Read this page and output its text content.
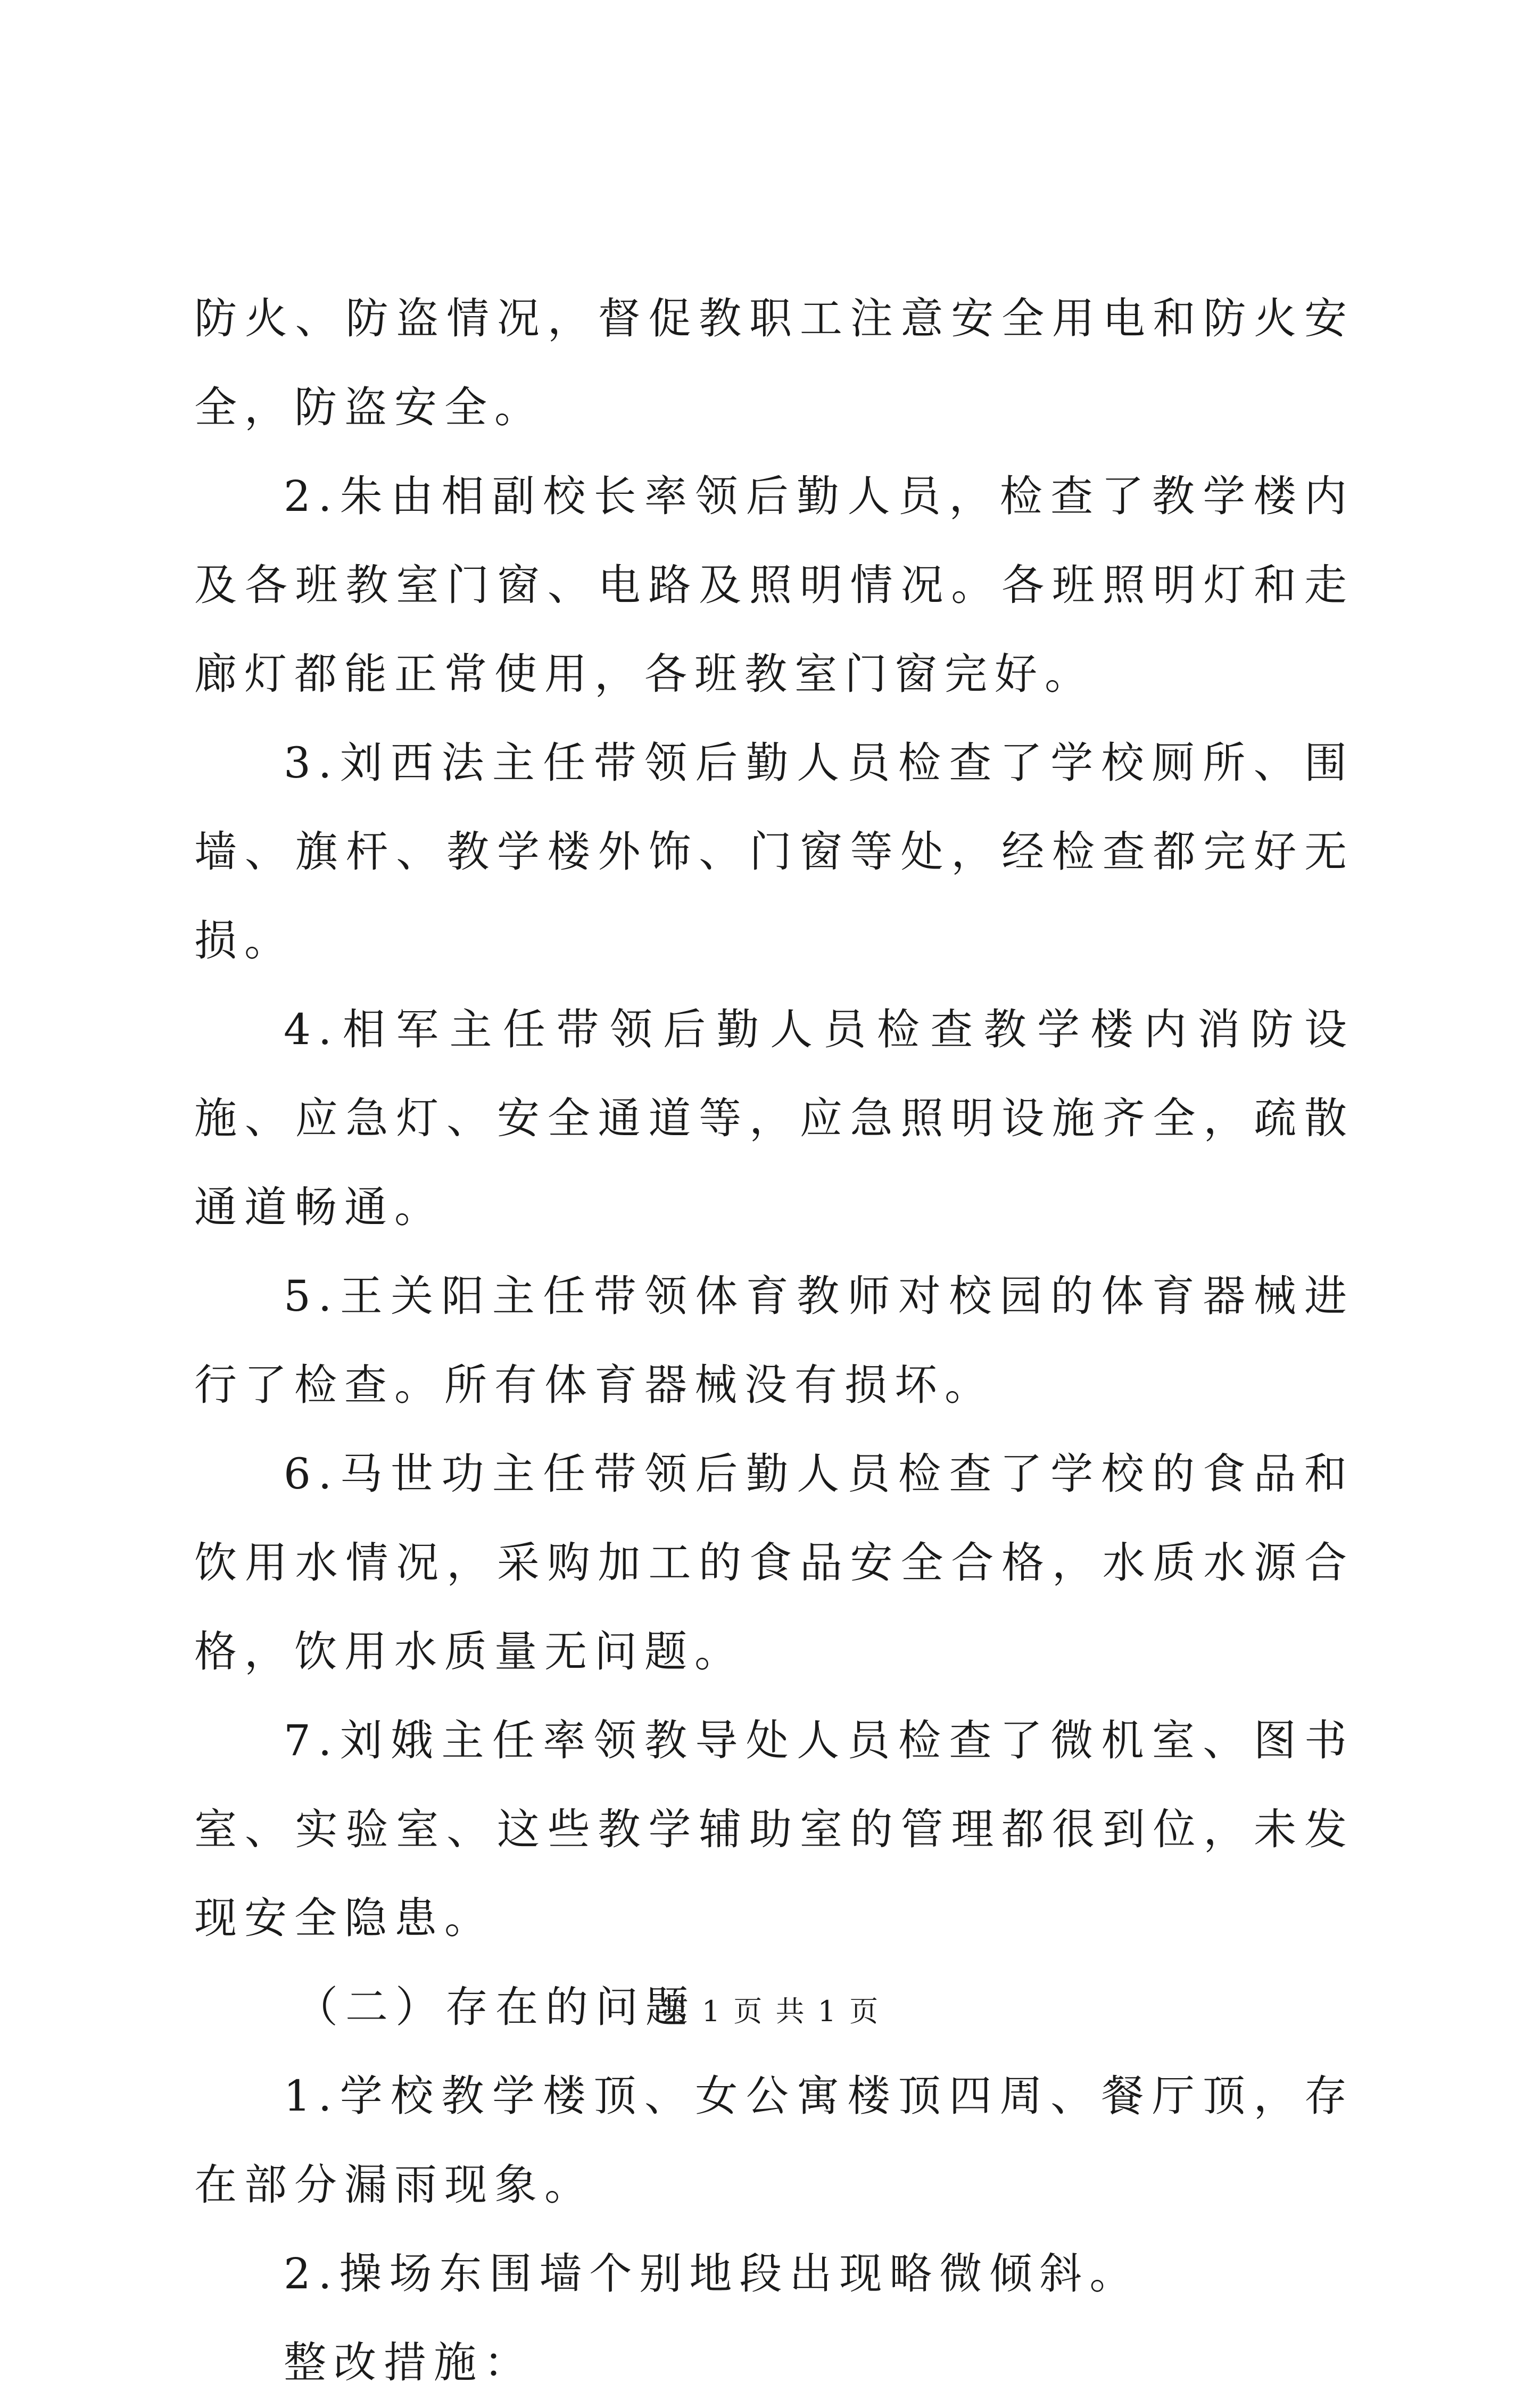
防火、防盗情况，督促教职工注意安全用电和防火安全，防盗安全。

2.朱由相副校长率领后勤人员，检查了教学楼内及各班教室门窗、电路及照明情况。各班照明灯和走廊灯都能正常使用，各班教室门窗完好。

3.刘西法主任带领后勤人员检查了学校厕所、围墙、旗杆、教学楼外饰、门窗等处，经检查都完好无损。

4.相军主任带领后勤人员检查教学楼内消防设施、应急灯、安全通道等，应急照明设施齐全，疏散通道畅通。

5.王关阳主任带领体育教师对校园的体育器械进行了检查。所有体育器械没有损坏。

6.马世功主任带领后勤人员检查了学校的食品和饮用水情况，采购加工的食品安全合格，水质水源合格，饮用水质量无问题。

7.刘娥主任率领教导处人员检查了微机室、图书室、实验室、这些教学辅助室的管理都很到位，未发现安全隐患。

（二）存在的问题

1.学校教学楼顶、女公寓楼顶四周、餐厅顶，存在部分漏雨现象。

2.操场东围墙个别地段出现略微倾斜。

整改措施：

第 1 页 共 1 页
